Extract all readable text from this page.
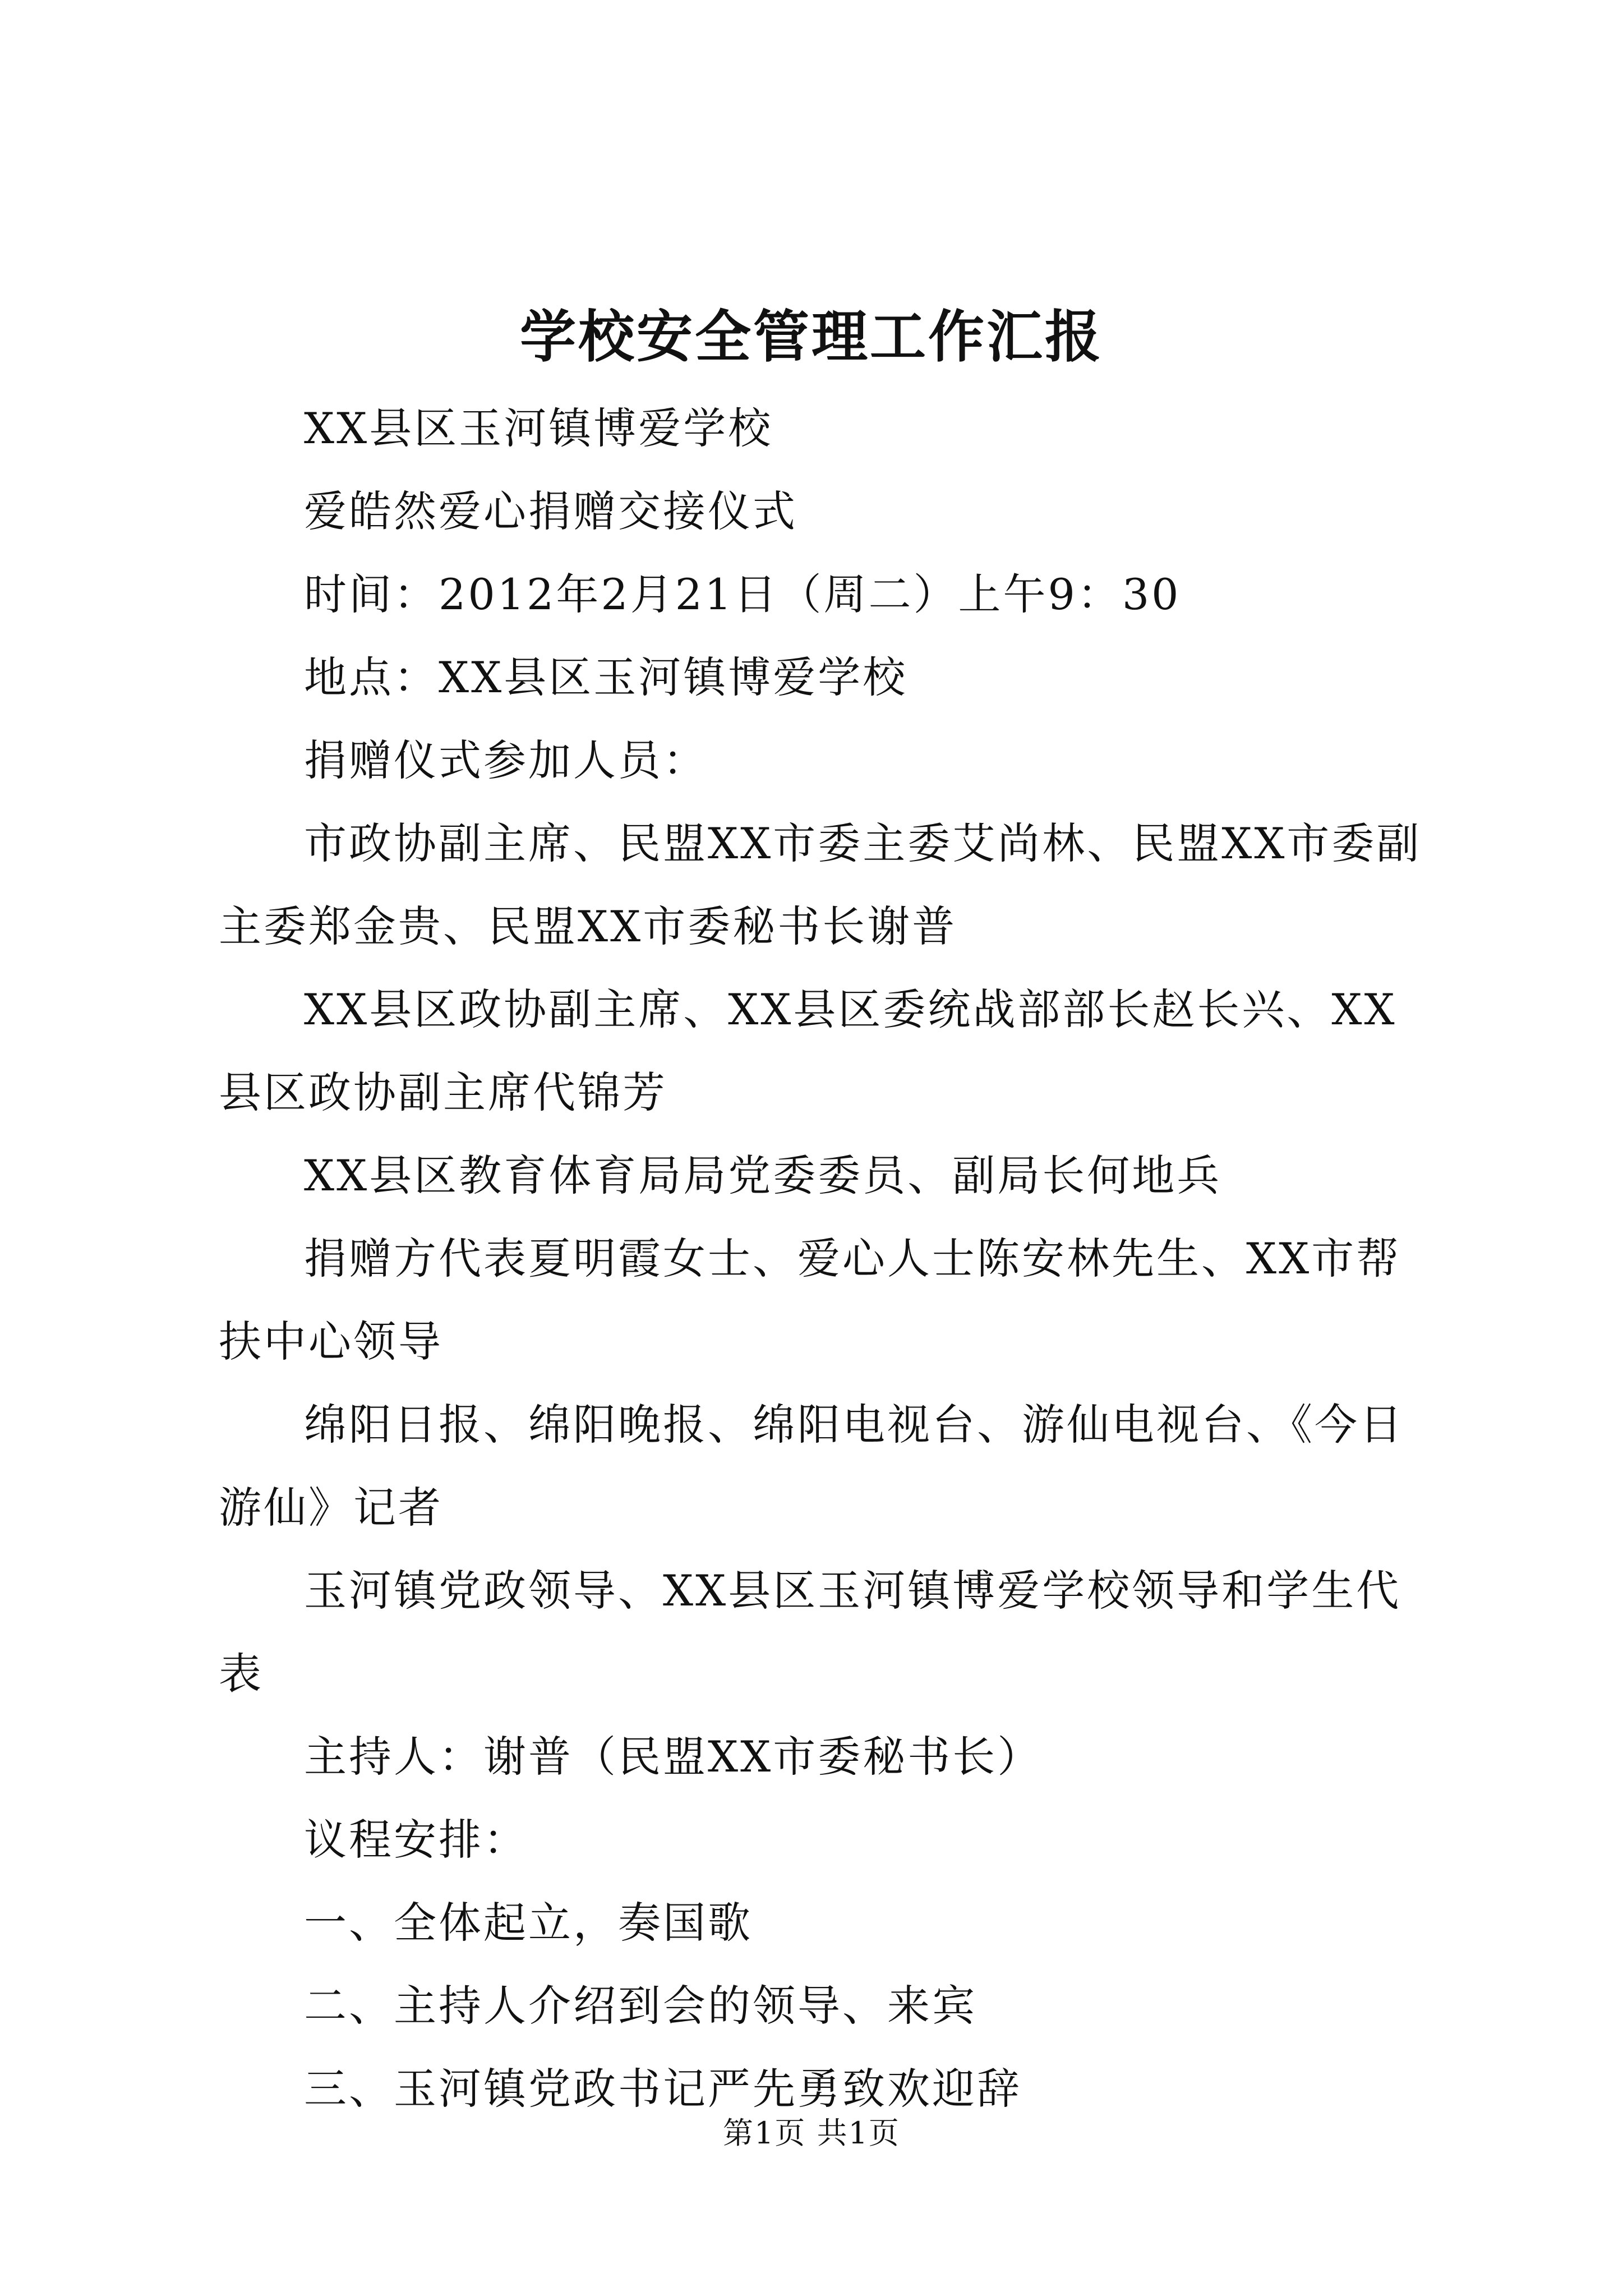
学校安全管理工作汇报

XX县区玉河镇博爱学校

爱皓然爱心捐赠交接仪式

时间：2012年2月21日（周二）上午9：30

地点：XX县区玉河镇博爱学校

捐赠仪式参加人员：

市政协副主席、民盟XX市委主委艾尚林、民盟XX市委副主委郑金贵、民盟XX市委秘书长谢普

XX县区政协副主席、XX县区委统战部部长赵长兴、XX县区政协副主席代锦芳

XX县区教育体育局局党委委员、副局长何地兵

捐赠方代表夏明霞女士、爱心人士陈安林先生、XX市帮扶中心领导

绵阳日报、绵阳晚报、绵阳电视台、游仙电视台、《今日游仙》记者

玉河镇党政领导、XX县区玉河镇博爱学校领导和学生代表

主持人：谢普（民盟XX市委秘书长）

议程安排：

一、全体起立，奏国歌

二、主持人介绍到会的领导、来宾

三、玉河镇党政书记严先勇致欢迎辞

第1页 共1页
